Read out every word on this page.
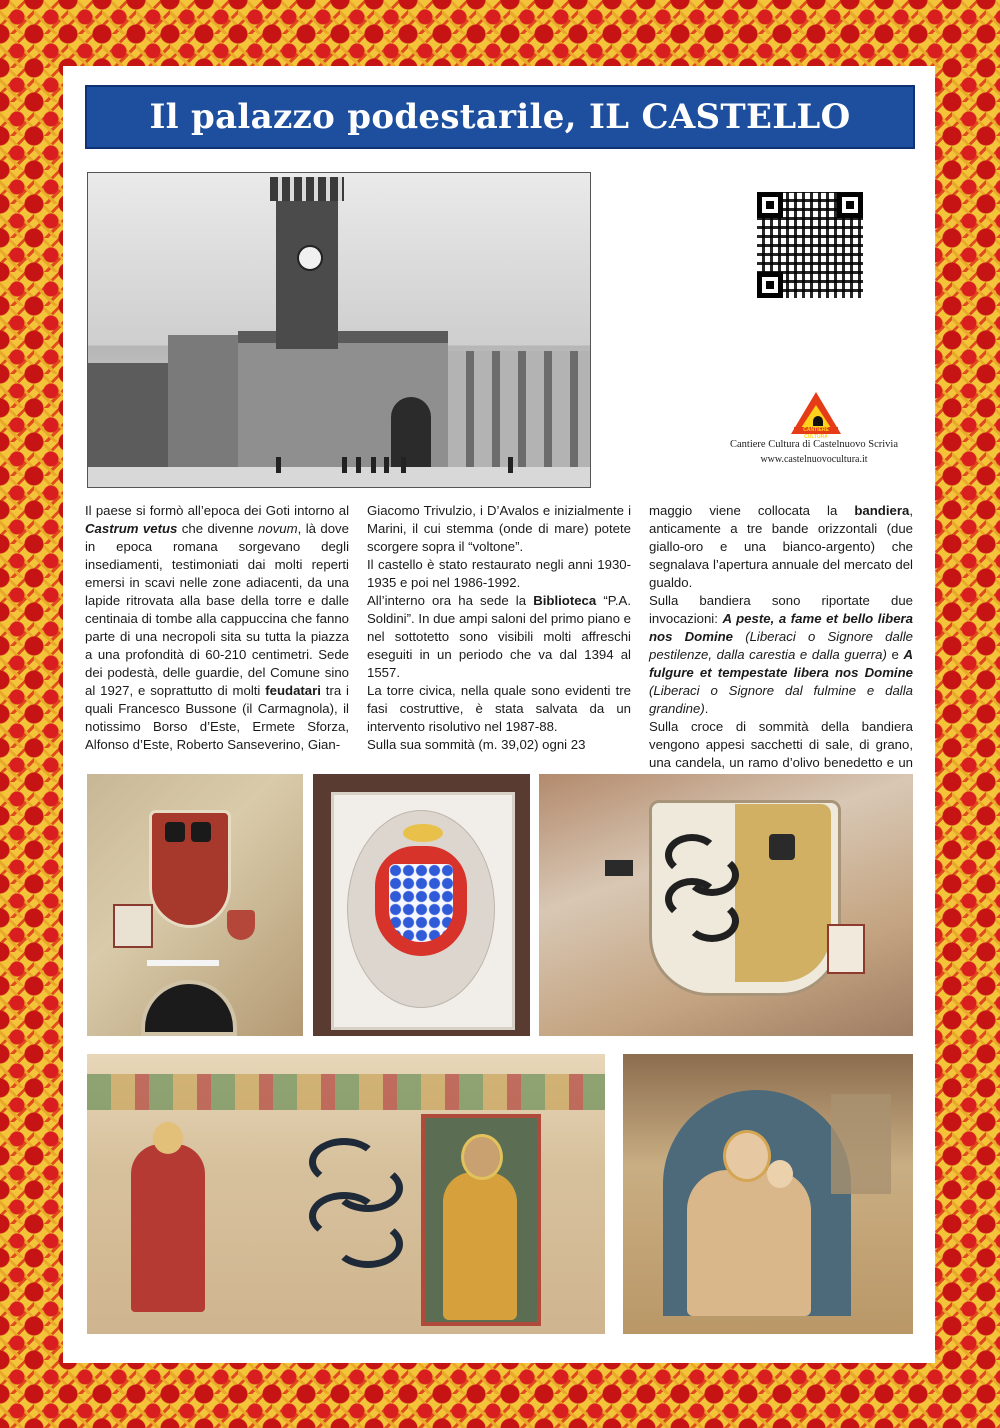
Il palazzo podestarile, IL CASTELLO
CANTIERE CULTURA
Cantiere Cultura di Castelnuovo Scrivia
www.castelnuovocultura.it

Il paese si formò all’epoca dei Goti intorno al Castrum vetus che divenne novum, là dove in epoca romana sorgevano degli insediamenti, testimoniati dai molti reperti emersi in scavi nelle zone adiacenti, da una lapide ritrovata alla base della torre e dalle centinaia di tombe alla cappuccina che fanno parte di una necropoli sita su tutta la piazza a una profondità di 60-210 centimetri. Sede dei podestà, delle guardie, del Comune sino al 1927, e soprattutto di molti feudatari tra i quali Francesco Bussone (il Carmagnola), il notissimo Borso d’Este, Ermete Sforza, Alfonso d’Este, Roberto Sanseverino, Gian-

Giacomo Trivulzio, i D’Avalos e inizialmente i Marini, il cui stemma (onde di mare) potete scorgere sopra il “voltone”.

Il castello è stato restaurato negli anni 1930-1935 e poi nel 1986-1992.

All’interno ora ha sede la Biblioteca “P.A. Soldini”. In due ampi saloni del primo piano e nel sottotetto sono visibili molti affreschi eseguiti in un periodo che va dal 1394 al 1557.

La torre civica, nella quale sono evidenti tre fasi costruttive, è stata salvata da un intervento risolutivo nel 1987-88.

Sulla sua sommità (m. 39,02) ogni 23

maggio viene collocata la bandiera, anticamente a tre bande orizzontali (due giallo-oro e una bianco-argento) che segnalava l’apertura annuale del mercato del gualdo.

Sulla bandiera sono riportate due invocazioni: A peste, a fame et bello libera nos Domine (Liberaci o Signore dalle pestilenze, dalla carestia e dalla guerra) e A fulgure et tempestate libera nos Domine (Liberaci o Signore dal fulmine e dalla grandine).

Sulla croce di sommità della bandiera vengono appesi sacchetti di sale, di grano, una candela, un ramo d’olivo benedetto e un
